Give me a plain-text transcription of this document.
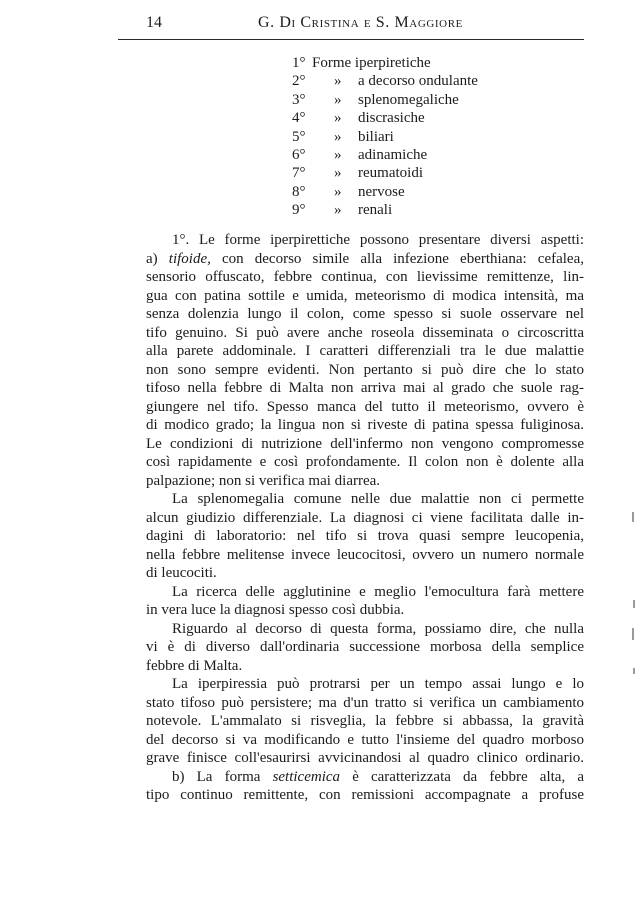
14	G. Di Cristina e S. Maggiore
1° Forme iperpiretiche
2°	»	a decorso ondulante
3°	»	splenomegaliche
4°	»	discrasiche
5°	»	biliari
6°	»	adinamiche
7°	»	reumatoidi
8°	»	nervose
9°	»	renali
1°. Le forme iperpirettiche possono presentare diversi aspetti:
a) tifoide, con decorso simile alla infezione eberthiana: cefalea,
sensorio offuscato, febbre continua, con lievissime remittenze, lin-
gua con patina sottile e umida, meteorismo di modica intensità, ma
senza dolenzia lungo il colon, come spesso si suole osservare nel
tifo genuino. Si può avere anche roseola disseminata o circoscritta
alla parete addominale. I caratteri differenziali tra le due malattie
non sono sempre evidenti. Non pertanto si può dire che lo stato
tifoso nella febbre di Malta non arriva mai al grado che suole rag-
giungere nel tifo. Spesso manca del tutto il meteorismo, ovvero è
di modico grado; la lingua non si riveste di patina spessa fuliginosa.
Le condizioni di nutrizione dell'infermo non vengono compromesse
così rapidamente e così profondamente. Il colon non è dolente alla
palpazione; non si verifica mai diarrea.
La splenomegalia comune nelle due malattie non ci permette
alcun giudizio differenziale. La diagnosi ci viene facilitata dalle in-
dagini di laboratorio: nel tifo si trova quasi sempre leucopenia,
nella febbre melitense invece leucocitosi, ovvero un numero normale
di leucociti.
La ricerca delle agglutinine e meglio l'emocultura farà mettere
in vera luce la diagnosi spesso così dubbia.
Riguardo al decorso di questa forma, possiamo dire, che nulla
vi è di diverso dall'ordinaria successione morbosa della semplice
febbre di Malta.
La iperpiressia può protrarsi per un tempo assai lungo e lo
stato tifoso può persistere; ma d'un tratto si verifica un cambiamento
notevole. L'ammalato si risveglia, la febbre si abbassa, la gravità
del decorso si va modificando e tutto l'insieme del quadro morboso
grave finisce coll'esaurirsi avvicinandosi al quadro clinico ordinario.
b) La forma setticemica è caratterizzata da febbre alta, a
tipo continuo remittente, con remissioni accompagnate a profuse
